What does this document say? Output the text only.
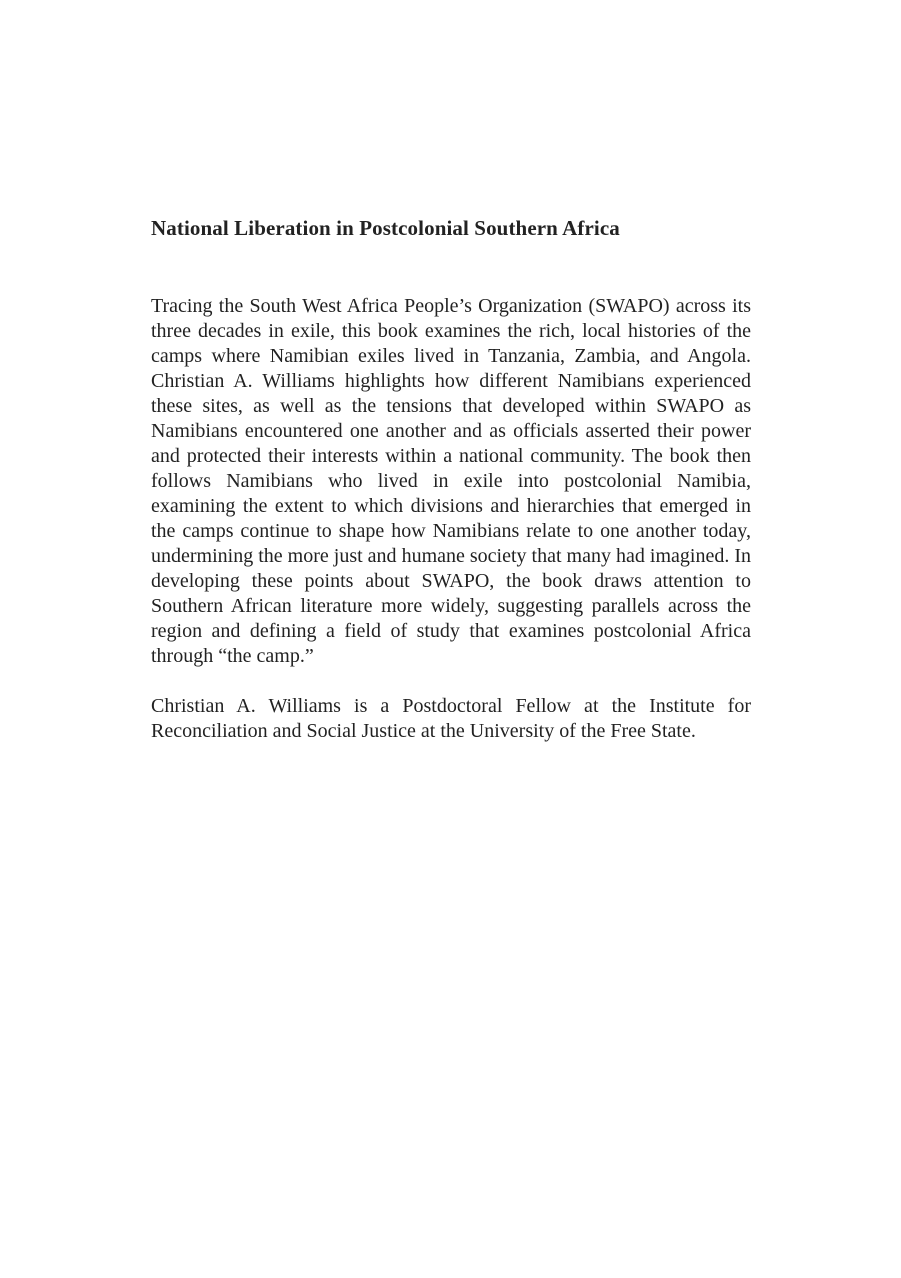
National Liberation in Postcolonial Southern Africa

Tracing the South West Africa People’s Organization (SWAPO) across its three decades in exile, this book examines the rich, local histories of the camps where Namibian exiles lived in Tanzania, Zambia, and Angola. Christian A. Williams highlights how different Namibians experienced these sites, as well as the tensions that developed within SWAPO as Namibians encountered one another and as officials asserted their power and protected their interests within a national community. The book then follows Namibians who lived in exile into postcolonial Namibia, examining the extent to which divisions and hierarchies that emerged in the camps continue to shape how Namibians relate to one another today, undermining the more just and humane society that many had imagined. In developing these points about SWAPO, the book draws attention to Southern African literature more widely, suggesting parallels across the region and defining a field of study that examines postcolonial Africa through “the camp.”

Christian A. Williams is a Postdoctoral Fellow at the Institute for Reconciliation and Social Justice at the University of the Free State.
